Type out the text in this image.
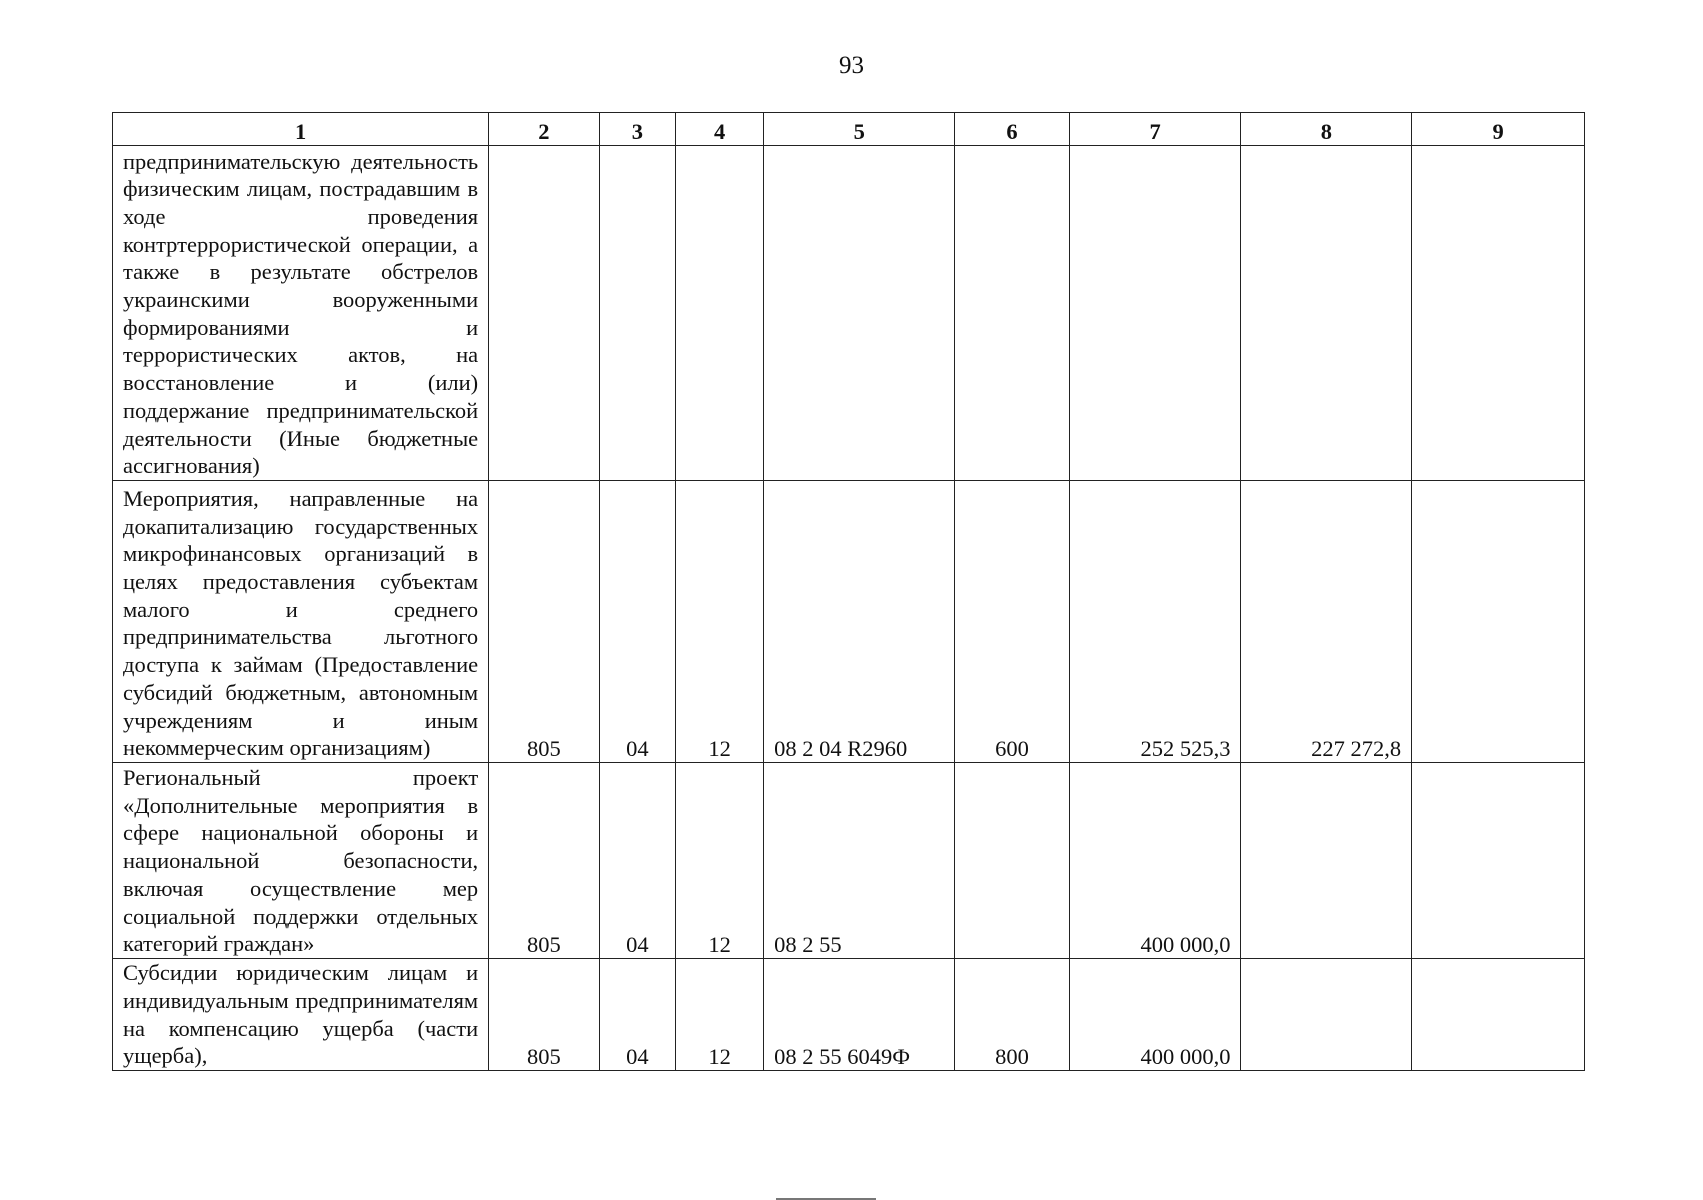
93
1	2	3	4	5	6	7	8	9
предпринимательскую деятельность физическим лицам, пострадавшим в ходе проведения контртеррористической операции, а также в результате обстрелов украинскими вооруженными формированиями и террористических актов, на восстановление и (или) поддержание предпринимательской деятельности (Иные бюджетные ассигнования)								
Мероприятия, направленные на докапитализацию государственных микрофинансовых организаций в целях предоставления субъектам малого и среднего предпринимательства льготного доступа к займам (Предоставление субсидий бюджетным, автономным учреждениям и иным некоммерческим организациям)	805	04	12	08 2 04 R2960	600	252 525,3	227 272,8	
Региональный проект «Дополнительные мероприятия в сфере национальной обороны и национальной безопасности, включая осуществление мер социальной поддержки отдельных категорий граждан»	805	04	12	08 2 55		400 000,0		
Субсидии юридическим лицам и индивидуальным предпринимателям на компенсацию ущерба (части ущерба),	805	04	12	08 2 55 6049Ф	800	400 000,0		
